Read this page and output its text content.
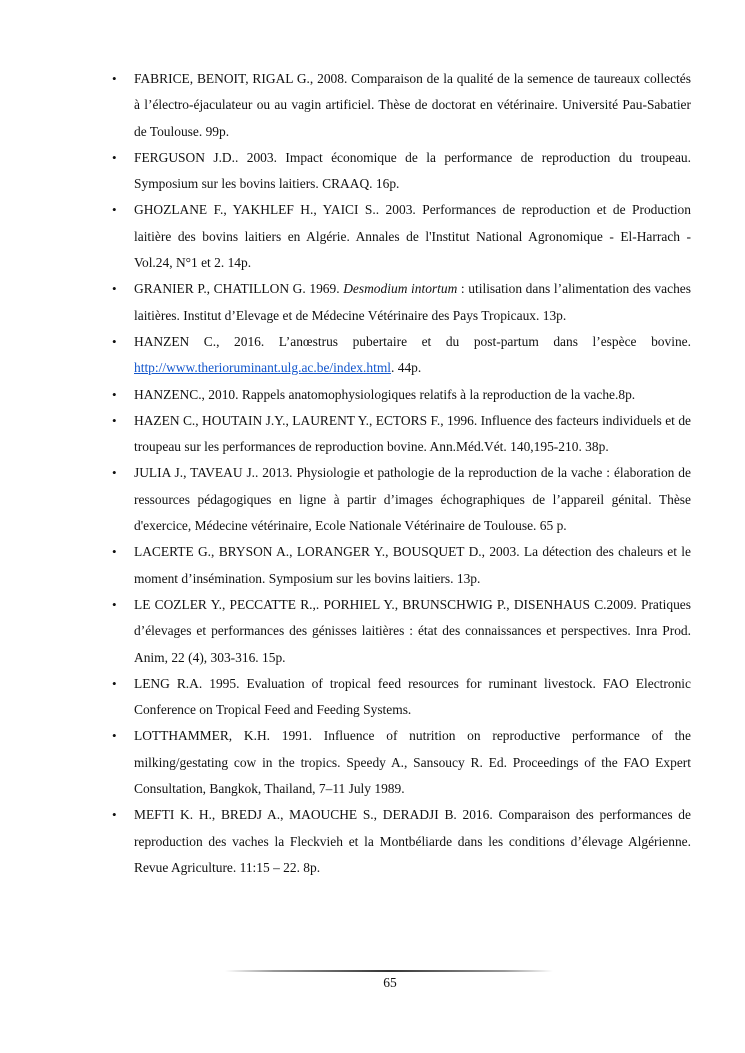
• FABRICE, BENOIT, RIGAL G., 2008. Comparaison de la qualité de la semence de taureaux collectés à l’électro-éjaculateur ou au vagin artificiel. Thèse de doctorat en vétérinaire. Université Pau-Sabatier de Toulouse. 99p.
• FERGUSON J.D.. 2003. Impact économique de la performance de reproduction du troupeau. Symposium sur les bovins laitiers. CRAAQ. 16p.
• GHOZLANE F., YAKHLEF H., YAICI S.. 2003. Performances de reproduction et de Production laitière des bovins laitiers en Algérie. Annales de l'Institut National Agronomique - El-Harrach - Vol.24, N°1 et 2. 14p.
• GRANIER P., CHATILLON G. 1969. Desmodium intortum : utilisation dans l’alimentation des vaches laitières. Institut d’Elevage et de Médecine Vétérinaire des Pays Tropicaux. 13p.
• HANZEN C., 2016. L’anœstrus pubertaire et du post-partum dans l’espèce bovine. http://www.therioruminant.ulg.ac.be/index.html. 44p.
• HANZENC., 2010. Rappels anatomophysiologiques relatifs à la reproduction de la vache.8p.
• HAZEN C., HOUTAIN J.Y., LAURENT Y., ECTORS F., 1996. Influence des facteurs individuels et de troupeau sur les performances de reproduction bovine. Ann.Méd.Vét. 140,195-210. 38p.
• JULIA J., TAVEAU J.. 2013. Physiologie et pathologie de la reproduction de la vache : élaboration de ressources pédagogiques en ligne à partir d’images échographiques de l’appareil génital. Thèse d'exercice, Médecine vétérinaire, Ecole Nationale Vétérinaire de Toulouse. 65 p.
• LACERTE G., BRYSON A., LORANGER Y., BOUSQUET D., 2003. La détection des chaleurs et le moment d’insémination. Symposium sur les bovins laitiers. 13p.
• LE COZLER Y., PECCATTE R.,. PORHIEL Y., BRUNSCHWIG P., DISENHAUS C.2009. Pratiques d’élevages et performances des génisses laitières : état des connaissances et perspectives. Inra Prod. Anim, 22 (4), 303-316. 15p.
• LENG R.A. 1995. Evaluation of tropical feed resources for ruminant livestock. FAO Electronic Conference on Tropical Feed and Feeding Systems.
• LOTTHAMMER, K.H. 1991. Influence of nutrition on reproductive performance of the milking/gestating cow in the tropics. Speedy A., Sansoucy R. Ed. Proceedings of the FAO Expert Consultation, Bangkok, Thailand, 7–11 July 1989.
• MEFTI K. H., BREDJ A., MAOUCHE S., DERADJI B. 2016. Comparaison des performances de reproduction des vaches la Fleckvieh et la Montbéliarde dans les conditions d’élevage Algérienne. Revue Agriculture. 11:15 – 22. 8p.
65
